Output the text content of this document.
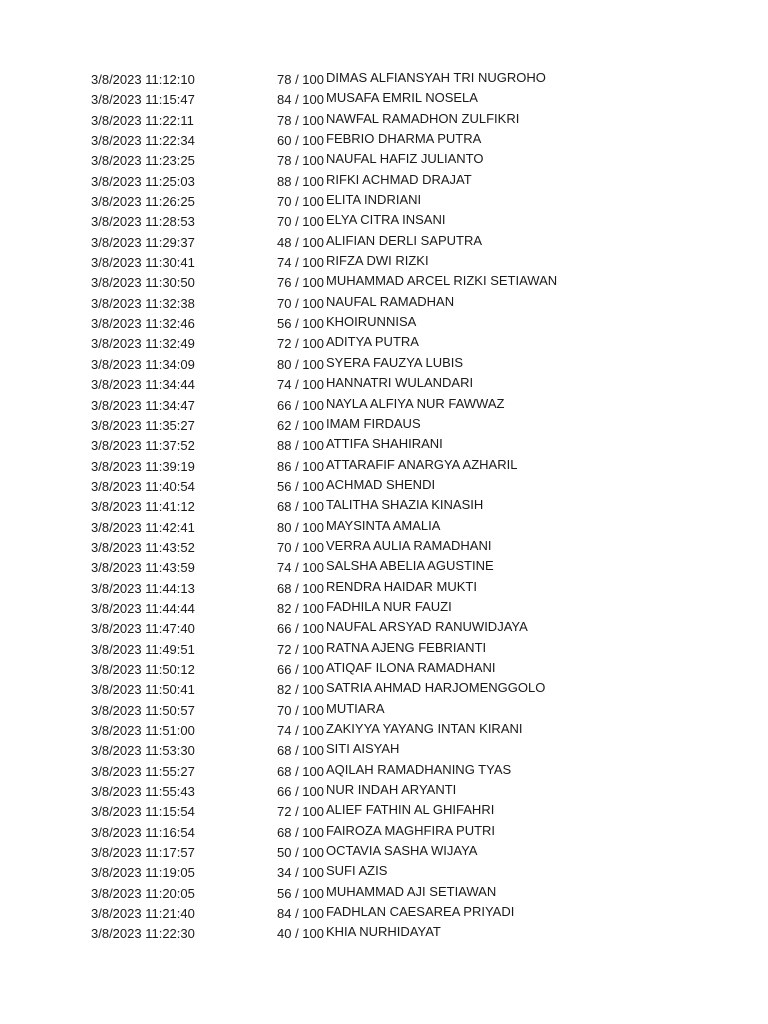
3/8/2023 11:12:10	78 / 100 DIMAS ALFIANSYAH TRI NUGROHO
3/8/2023 11:15:47	84 / 100 MUSAFA EMRIL NOSELA
3/8/2023 11:22:11	78 / 100 NAWFAL RAMADHON ZULFIKRI
3/8/2023 11:22:34	60 / 100 FEBRIO DHARMA PUTRA
3/8/2023 11:23:25	78 / 100 NAUFAL HAFIZ JULIANTO
3/8/2023 11:25:03	88 / 100 RIFKI ACHMAD DRAJAT
3/8/2023 11:26:25	70 / 100 ELITA INDRIANI
3/8/2023 11:28:53	70 / 100 ELYA CITRA INSANI
3/8/2023 11:29:37	48 / 100 ALIFIAN DERLI SAPUTRA
3/8/2023 11:30:41	74 / 100 RIFZA DWI RIZKI
3/8/2023 11:30:50	76 / 100 MUHAMMAD ARCEL RIZKI SETIAWAN
3/8/2023 11:32:38	70 / 100 NAUFAL RAMADHAN
3/8/2023 11:32:46	56 / 100 KHOIRUNNISA
3/8/2023 11:32:49	72 / 100 ADITYA PUTRA
3/8/2023 11:34:09	80 / 100 SYERA FAUZYA LUBIS
3/8/2023 11:34:44	74 / 100 HANNATRI WULANDARI
3/8/2023 11:34:47	66 / 100 NAYLA ALFIYA NUR FAWWAZ
3/8/2023 11:35:27	62 / 100 IMAM FIRDAUS
3/8/2023 11:37:52	88 / 100 ATTIFA SHAHIRANI
3/8/2023 11:39:19	86 / 100 ATTARAFIF ANARGYA AZHARIL
3/8/2023 11:40:54	56 / 100 ACHMAD SHENDI
3/8/2023 11:41:12	68 / 100 TALITHA SHAZIA KINASIH
3/8/2023 11:42:41	80 / 100 MAYSINTA AMALIA
3/8/2023 11:43:52	70 / 100 VERRA AULIA RAMADHANI
3/8/2023 11:43:59	74 / 100 SALSHA ABELIA AGUSTINE
3/8/2023 11:44:13	68 / 100 RENDRA HAIDAR MUKTI
3/8/2023 11:44:44	82 / 100 FADHILA NUR FAUZI
3/8/2023 11:47:40	66 / 100 NAUFAL ARSYAD RANUWIDJAYA
3/8/2023 11:49:51	72 / 100 RATNA AJENG FEBRIANTI
3/8/2023 11:50:12	66 / 100 ATIQAF ILONA RAMADHANI
3/8/2023 11:50:41	82 / 100 SATRIA AHMAD HARJOMENGGOLO
3/8/2023 11:50:57	70 / 100 MUTIARA
3/8/2023 11:51:00	74 / 100 ZAKIYYA YAYANG INTAN KIRANI
3/8/2023 11:53:30	68 / 100 SITI AISYAH
3/8/2023 11:55:27	68 / 100 AQILAH RAMADHANING TYAS
3/8/2023 11:55:43	66 / 100 NUR INDAH ARYANTI
3/8/2023 11:15:54	72 / 100 ALIEF FATHIN AL GHIFAHRI
3/8/2023 11:16:54	68 / 100 FAIROZA MAGHFIRA PUTRI
3/8/2023 11:17:57	50 / 100 OCTAVIA SASHA WIJAYA
3/8/2023 11:19:05	34 / 100 SUFI AZIS
3/8/2023 11:20:05	56 / 100 MUHAMMAD AJI SETIAWAN
3/8/2023 11:21:40	84 / 100 FADHLAN CAESAREA PRIYADI
3/8/2023 11:22:30	40 / 100 KHIA NURHIDAYAT
